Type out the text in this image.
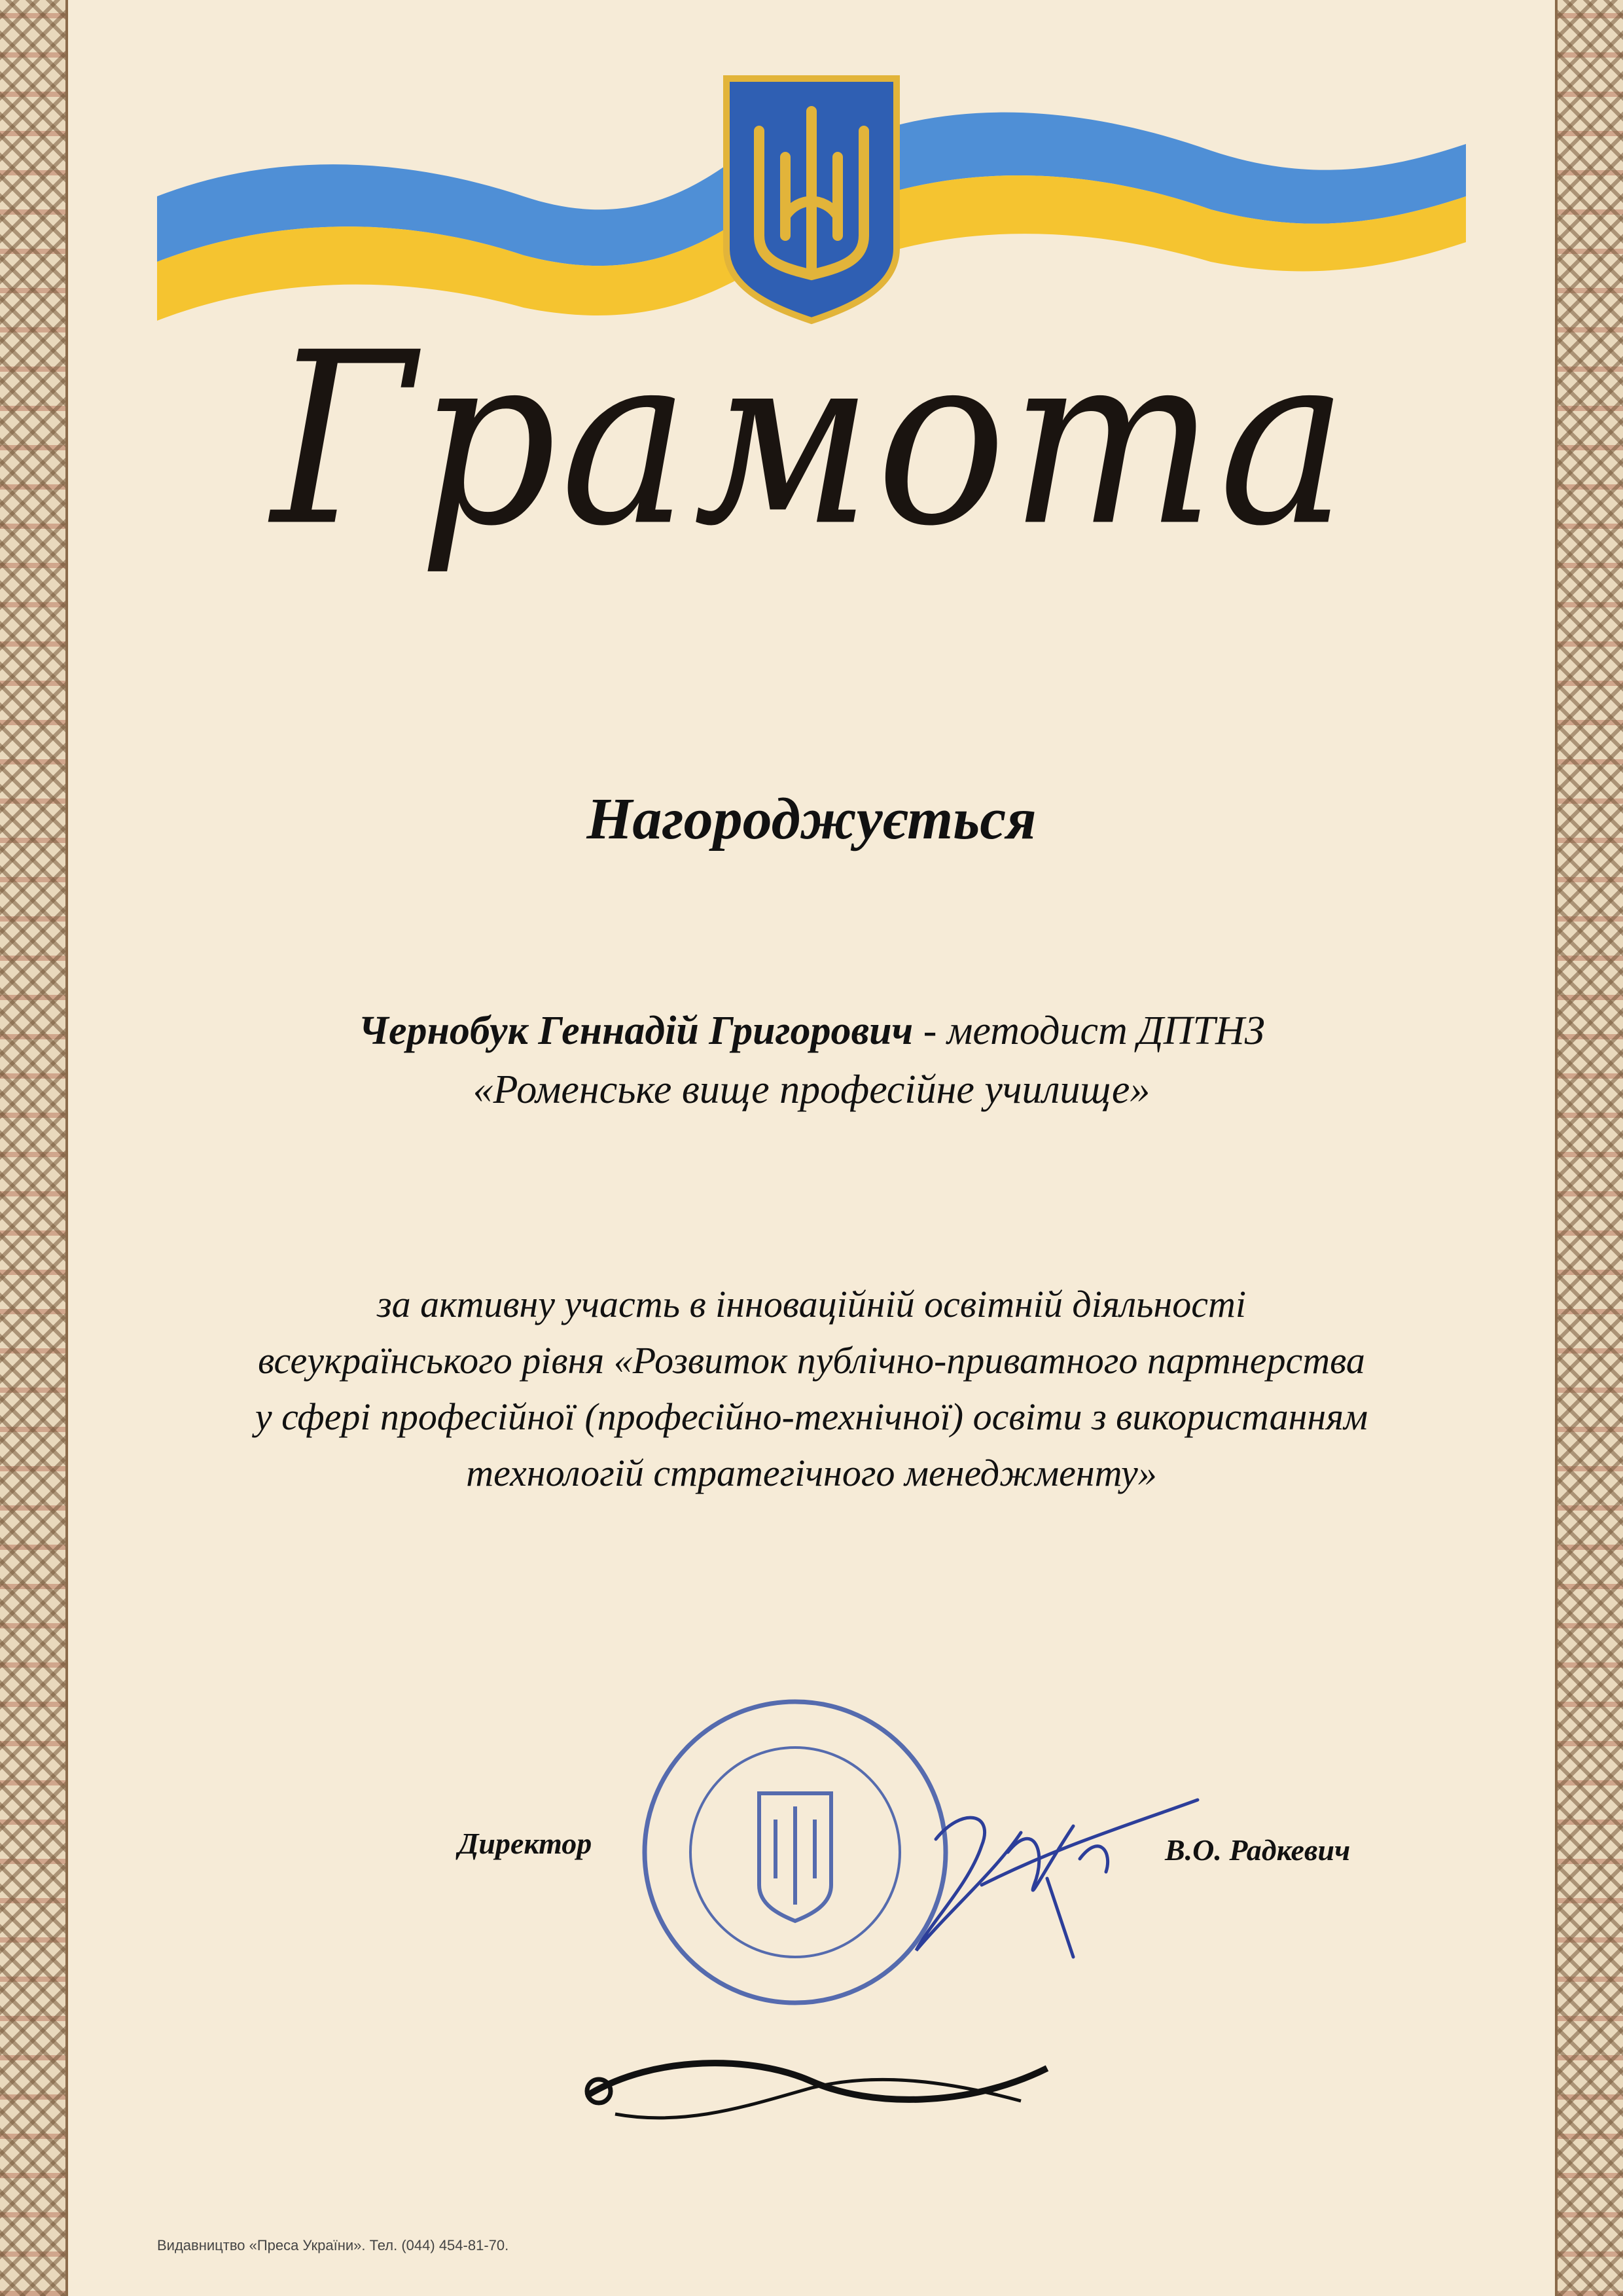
Грамота
Нагороджується
Чернобук Геннадій Григорович - методист ДПТНЗ
«Роменське вище професійне училище»
за активну участь в інноваційній освітній діяльності
всеукраїнського рівня «Розвиток публічно-приватного партнерства
у сфері професійної (професійно-технічної) освіти з використанням
технологій стратегічного менеджменту»
Директор	В.О. Радкевич
Видавництво «Преса України». Тел. (044) 454-81-70.
